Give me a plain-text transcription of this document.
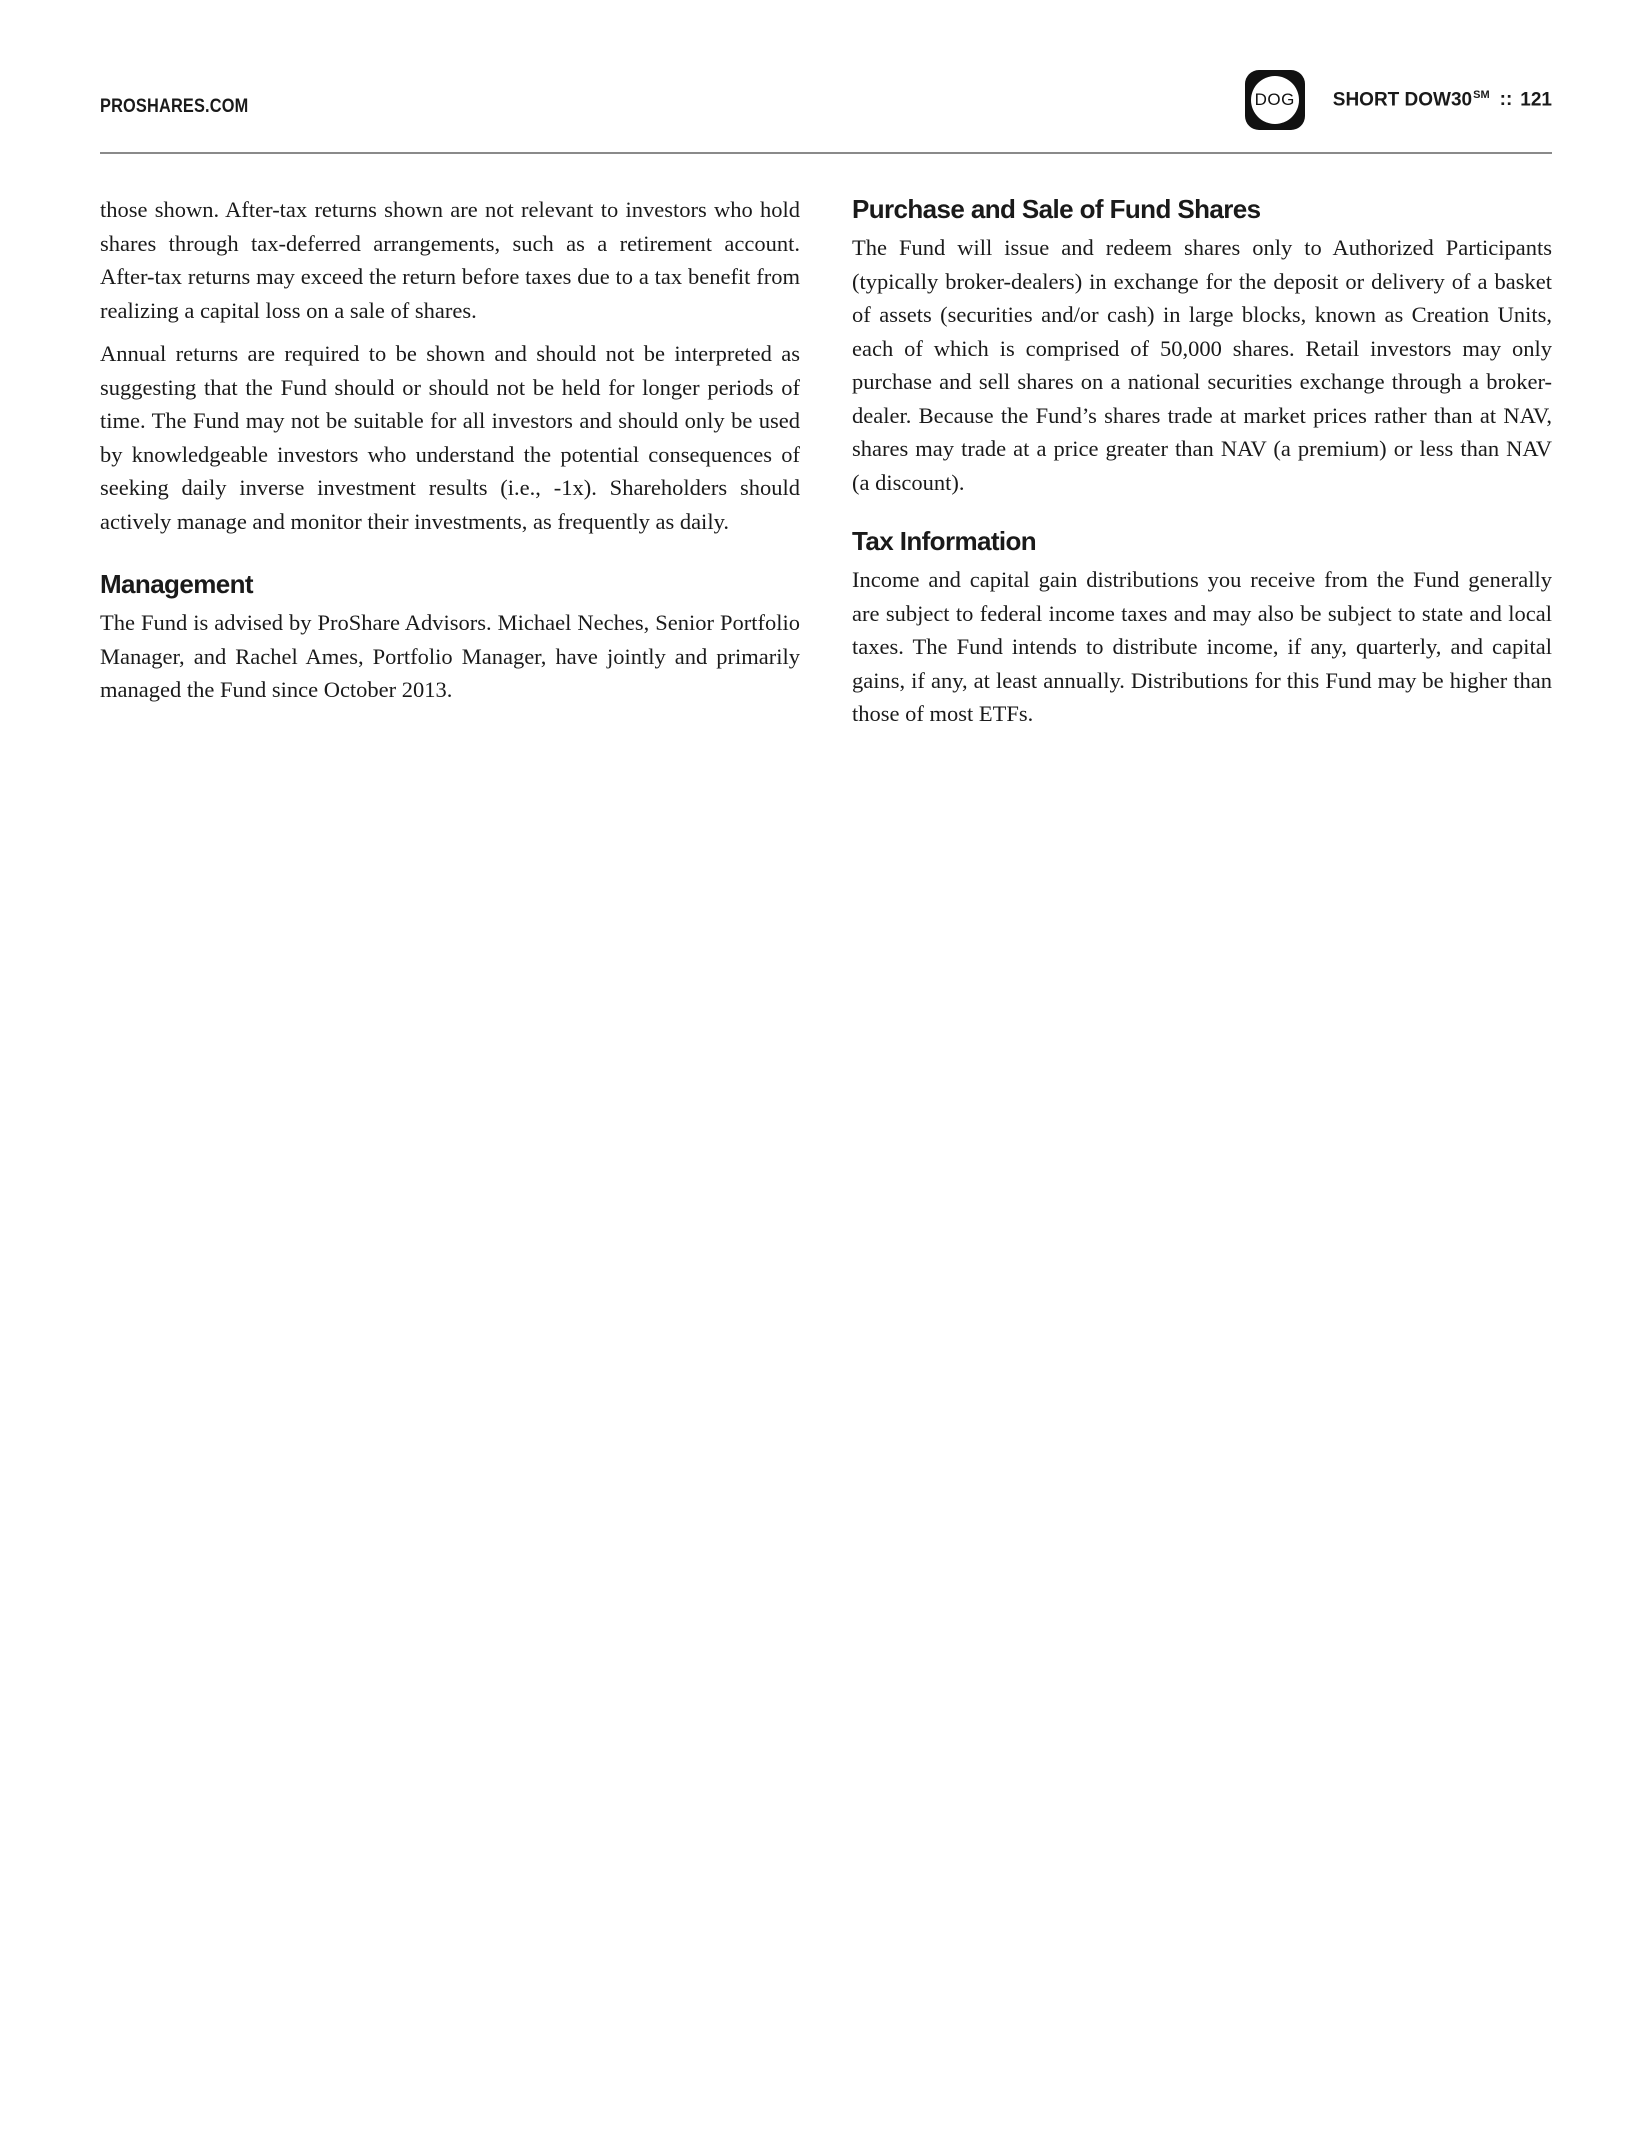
PROSHARES.COM	DOG SHORT DOW30℠ :: 121

those shown. After-tax returns shown are not relevant to investors who hold shares through tax-deferred arrangements, such as a retirement account. After-tax returns may exceed the return before taxes due to a tax benefit from realizing a capital loss on a sale of shares.

Annual returns are required to be shown and should not be interpreted as suggesting that the Fund should or should not be held for longer periods of time. The Fund may not be suitable for all investors and should only be used by knowledgeable investors who understand the potential consequences of seeking daily inverse investment results (i.e., -1x). Shareholders should actively manage and monitor their investments, as frequently as daily.

Management

The Fund is advised by ProShare Advisors. Michael Neches, Senior Portfolio Manager, and Rachel Ames, Portfolio Manager, have jointly and primarily managed the Fund since October 2013.

Purchase and Sale of Fund Shares

The Fund will issue and redeem shares only to Authorized Participants (typically broker-dealers) in exchange for the deposit or delivery of a basket of assets (securities and/or cash) in large blocks, known as Creation Units, each of which is comprised of 50,000 shares. Retail investors may only purchase and sell shares on a national securities exchange through a broker-dealer. Because the Fund’s shares trade at market prices rather than at NAV, shares may trade at a price greater than NAV (a premium) or less than NAV (a discount).

Tax Information

Income and capital gain distributions you receive from the Fund generally are subject to federal income taxes and may also be subject to state and local taxes. The Fund intends to distribute income, if any, quarterly, and capital gains, if any, at least annually. Distributions for this Fund may be higher than those of most ETFs.
